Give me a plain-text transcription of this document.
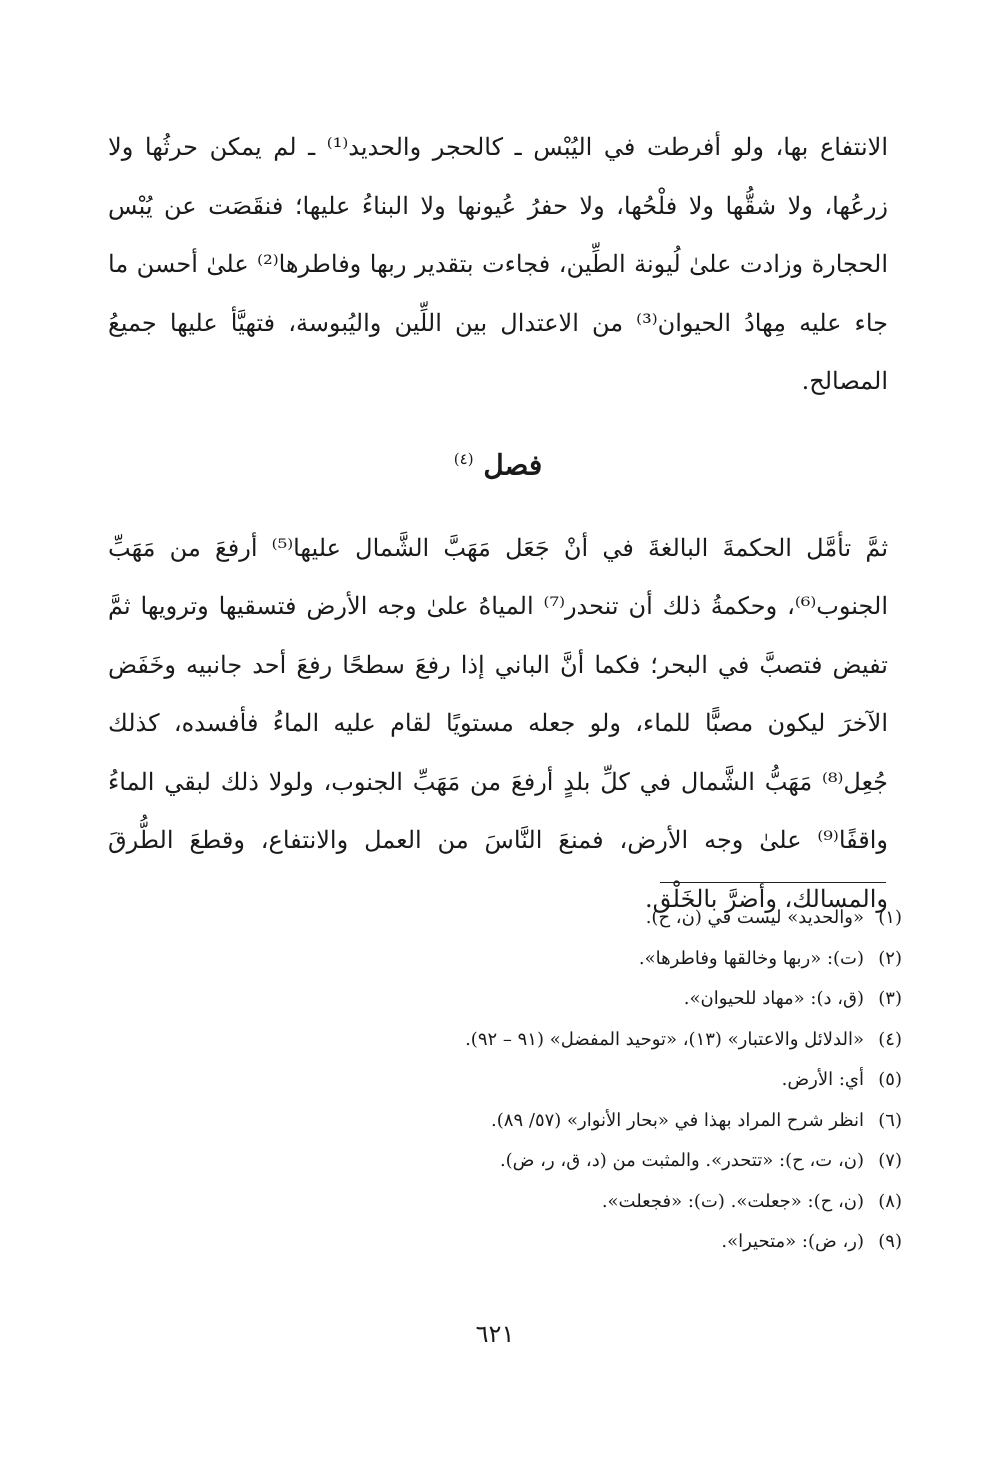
الانتفاع بها، ولو أفرطت في اليُبْس ـ كالحجر والحديد⁽¹⁾ ـ لم يمكن حرثُها ولا زرعُها، ولا شقُّها ولا فلْحُها، ولا حفرُ عُيونها ولا البناءُ عليها؛ فنقَصَت عن يُبْس الحجارة وزادت علىٰ لُيونة الطِّين، فجاءت بتقدير ربها وفاطرها⁽²⁾ علىٰ أحسن ما جاء عليه مِهادُ الحيوان⁽³⁾ من الاعتدال بين اللِّين واليُبوسة، فتهيَّأ عليها جميعُ المصالح.

فصل $^{(٤)}$

ثمَّ تأمَّل الحكمةَ البالغةَ في أنْ جَعَل مَهَبَّ الشَّمال عليها⁽⁵⁾ أرفعَ من مَهَبِّ الجنوب⁽⁶⁾، وحكمةُ ذلك أن تنحدر⁽⁷⁾ المياهُ علىٰ وجه الأرض فتسقيها وترويها ثمَّ تفيض فتصبَّ في البحر؛ فكما أنَّ الباني إذا رفعَ سطحًا رفعَ أحد جانبيه وخَفَض الآخرَ ليكون مصبًّا للماء، ولو جعله مستويًا لقام عليه الماءُ فأفسده، كذلك جُعِل⁽⁸⁾ مَهَبُّ الشَّمال في كلِّ بلدٍ أرفعَ من مَهَبِّ الجنوب، ولولا ذلك لبقي الماءُ واقفًا⁽⁹⁾ علىٰ وجه الأرض، فمنعَ النَّاسَ من العمل والانتفاع، وقطعَ الطُّرقَ والمسالك، وأضرَّ بالخَلْق.

(١)«والحديد» ليست في (ن، ح).
(٢)(ت): «ربها وخالقها وفاطرها».
(٣)(ق، د): «مهاد للحيوان».
(٤)«الدلائل والاعتبار» (١٣)، «توحيد المفضل» (٩١ – ٩٢).
(٥)أي: الأرض.
(٦)انظر شرح المراد بهذا في «بحار الأنوار» (٥٧/ ٨٩).
(٧)(ن، ت، ح): «تتحدر». والمثبت من (د، ق، ر، ض).
(٨)(ن، ح): «جعلت». (ت): «فجعلت».
(٩)(ر، ض): «متحيرا».
٦٢١
